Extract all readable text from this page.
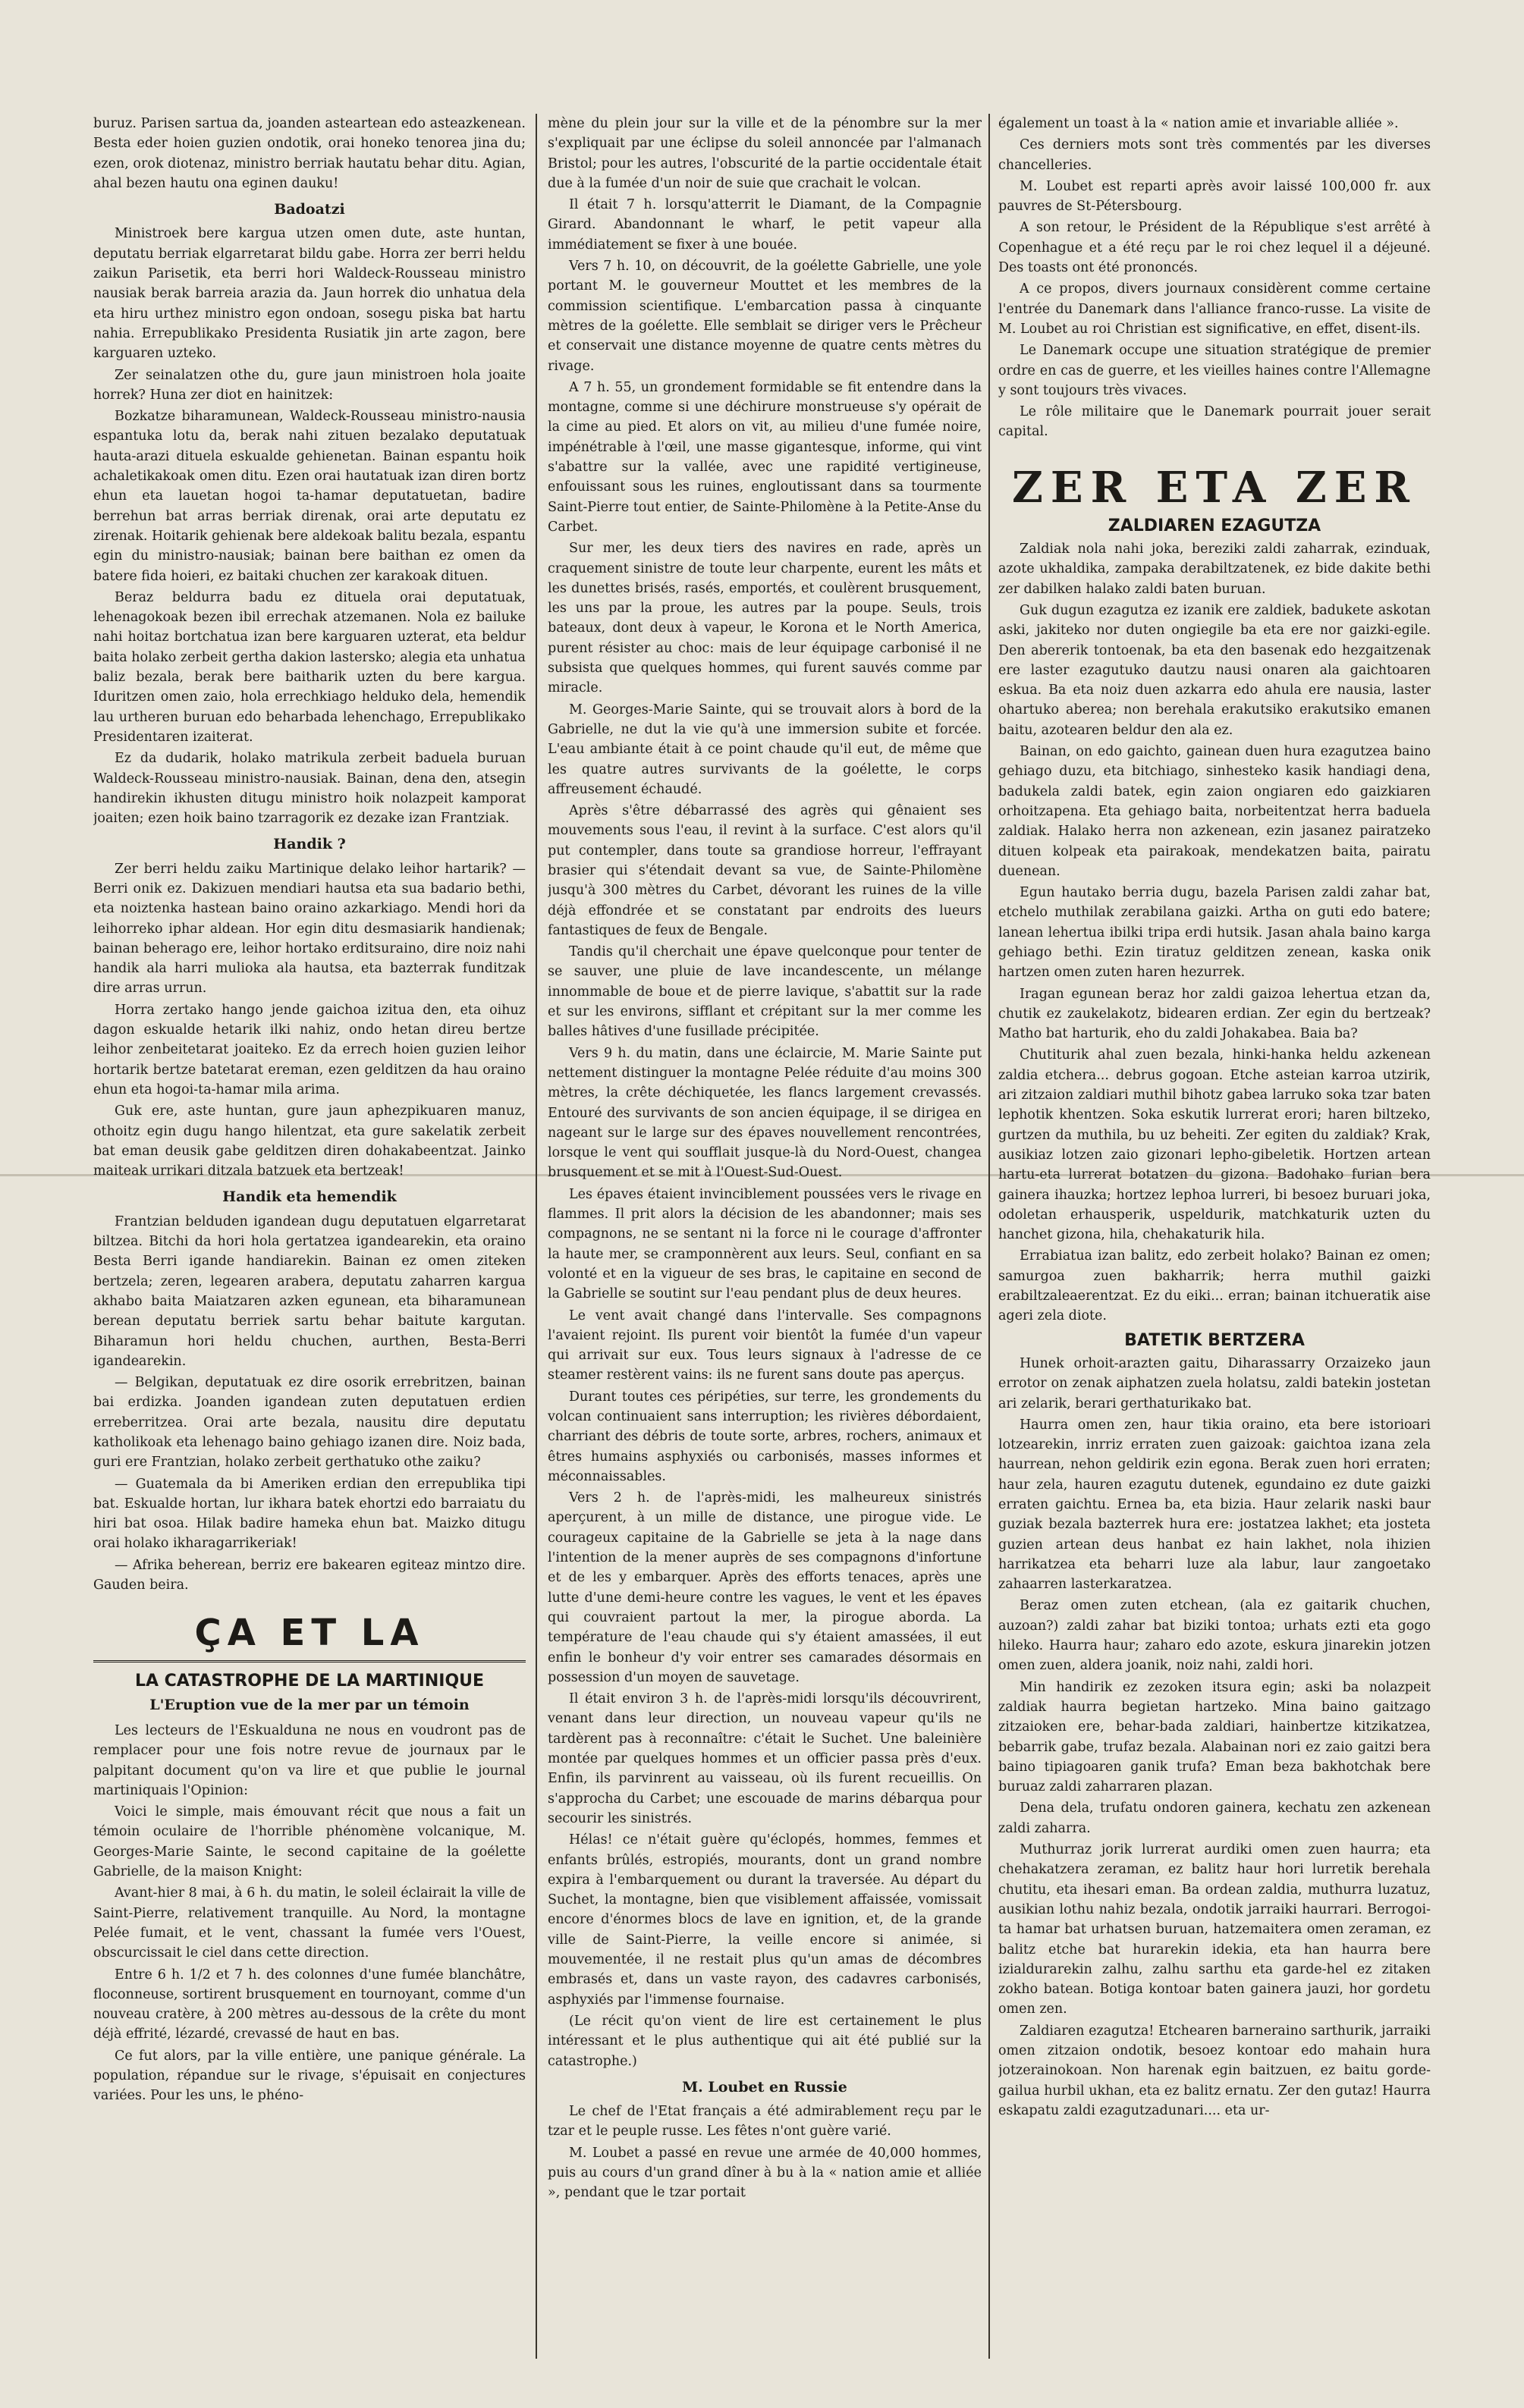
buruz. Parisen sartua da, joanden asteartean edo asteazkenean. Besta eder hoien guzien ondotik, orai honeko tenorea jina du; ezen, orok diotenaz, ministro berriak hautatu behar ditu. Agian, ahal bezen hautu ona eginen dauku!

Badoatzi

Ministroek bere kargua utzen omen dute, aste huntan, deputatu berriak elgarretarat bildu gabe. Horra zer berri heldu zaikun Parisetik, eta berri hori Waldeck-Rousseau ministro nausiak berak barreia arazia da. Jaun horrek dio unhatua dela eta hiru urthez ministro egon ondoan, sosegu piska bat hartu nahia. Errepublikako Presidenta Rusiatik jin arte zagon, bere karguaren uzteko.

Zer seinalatzen othe du, gure jaun ministroen hola joaite horrek? Huna zer diot en hainitzek:

Bozkatze biharamunean, Waldeck-Rousseau ministro-nausia espantuka lotu da, berak nahi zituen bezalako deputatuak hauta-arazi dituela eskualde gehienetan. Bainan espantu hoik achaletikakoak omen ditu. Ezen orai hautatuak izan diren bortz ehun eta lauetan hogoi ta-hamar deputatuetan, badire berrehun bat arras berriak direnak, orai arte deputatu ez zirenak. Hoitarik gehienak bere aldekoak balitu bezala, espantu egin du ministro-nausiak; bainan bere baithan ez omen da batere fida hoieri, ez baitaki chuchen zer karakoak dituen.

Beraz beldurra badu ez dituela orai deputatuak, lehenagokoak bezen ibil errechak atzemanen. Nola ez bailuke nahi hoitaz bortchatua izan bere karguaren uzterat, eta beldur baita holako zerbeit gertha dakion lastersko; alegia eta unhatua baliz bezala, berak bere baitharik uzten du bere kargua. Iduritzen omen zaio, hola errechkiago helduko dela, hemendik lau urtheren buruan edo beharbada lehenchago, Errepublikako Presidentaren izaiterat.

Ez da dudarik, holako matrikula zerbeit baduela buruan Waldeck-Rousseau ministro-nausiak. Bainan, dena den, atsegin handirekin ikhusten ditugu ministro hoik nolazpeit kamporat joaiten; ezen hoik baino tzarragorik ez dezake izan Frantziak.

Handik ?

Zer berri heldu zaiku Martinique delako leihor hartarik? — Berri onik ez. Dakizuen mendiari hautsa eta sua badario bethi, eta noiztenka hastean baino oraino azkarkiago. Mendi hori da leihorreko iphar aldean. Hor egin ditu desmasiarik handienak; bainan beherago ere, leihor hortako erditsuraino, dire noiz nahi handik ala harri mulioka ala hautsa, eta bazterrak funditzak dire arras urrun.

Horra zertako hango jende gaichoa izitua den, eta oihuz dagon eskualde hetarik ilki nahiz, ondo hetan direu bertze leihor zenbeitetarat joaiteko. Ez da errech hoien guzien leihor hortarik bertze batetarat ereman, ezen gelditzen da hau oraino ehun eta hogoi-ta-hamar mila arima.

Guk ere, aste huntan, gure jaun aphezpikuaren manuz, othoitz egin dugu hango hilentzat, eta gure sakelatik zerbeit bat eman deusik gabe gelditzen diren dohakabeentzat. Jainko maiteak urrikari ditzala batzuek eta bertzeak!

Handik eta hemendik

Frantzian belduden igandean dugu deputatuen elgarretarat biltzea. Bitchi da hori hola gertatzea igandearekin, eta oraino Besta Berri igande handiarekin. Bainan ez omen ziteken bertzela; zeren, legearen arabera, deputatu zaharren kargua akhabo baita Maiatzaren azken egunean, eta biharamunean berean deputatu berriek sartu behar baitute kargutan. Biharamun hori heldu chuchen, aurthen, Besta-Berri igandearekin.

— Belgikan, deputatuak ez dire osorik errebritzen, bainan bai erdizka. Joanden igandean zuten deputatuen erdien erreberritzea. Orai arte bezala, nausitu dire deputatu katholikoak eta lehenago baino gehiago izanen dire. Noiz bada, guri ere Frantzian, holako zerbeit gerthatuko othe zaiku?

— Guatemala da bi Ameriken erdian den errepublika tipi bat. Eskualde hortan, lur ikhara batek ehortzi edo barraiatu du hiri bat osoa. Hilak badire hameka ehun bat. Maizko ditugu orai holako ikharagarrikeriak!

— Afrika beherean, berriz ere bakearen egiteaz mintzo dire. Gauden beira.

ÇA ET LA
LA CATASTROPHE DE LA MARTINIQUE
L'Eruption vue de la mer par un témoin

Les lecteurs de l'Eskualduna ne nous en voudront pas de remplacer pour une fois notre revue de journaux par le palpitant document qu'on va lire et que publie le journal martiniquais l'Opinion:

Voici le simple, mais émouvant récit que nous a fait un témoin oculaire de l'horrible phénomène volcanique, M. Georges-Marie Sainte, le second capitaine de la goélette Gabrielle, de la maison Knight:

Avant-hier 8 mai, à 6 h. du matin, le soleil éclairait la ville de Saint-Pierre, relativement tranquille. Au Nord, la montagne Pelée fumait, et le vent, chassant la fumée vers l'Ouest, obscurcissait le ciel dans cette direction.

Entre 6 h. 1/2 et 7 h. des colonnes d'une fumée blanchâtre, floconneuse, sortirent brusquement en tournoyant, comme d'un nouveau cratère, à 200 mètres au-dessous de la crête du mont déjà effrité, lézardé, crevassé de haut en bas.

Ce fut alors, par la ville entière, une panique générale. La population, répandue sur le rivage, s'épuisait en conjectures variées. Pour les uns, le phéno-

mène du plein jour sur la ville et de la pénombre sur la mer s'expliquait par une éclipse du soleil annoncée par l'almanach Bristol; pour les autres, l'obscurité de la partie occidentale était due à la fumée d'un noir de suie que crachait le volcan.

Il était 7 h. lorsqu'atterrit le Diamant, de la Compagnie Girard. Abandonnant le wharf, le petit vapeur alla immédiatement se fixer à une bouée.

Vers 7 h. 10, on découvrit, de la goélette Gabrielle, une yole portant M. le gouverneur Mouttet et les membres de la commission scientifique. L'embarcation passa à cinquante mètres de la goélette. Elle semblait se diriger vers le Prêcheur et conservait une distance moyenne de quatre cents mètres du rivage.

A 7 h. 55, un grondement formidable se fit entendre dans la montagne, comme si une déchirure monstrueuse s'y opérait de la cime au pied. Et alors on vit, au milieu d'une fumée noire, impénétrable à l'œil, une masse gigantesque, informe, qui vint s'abattre sur la vallée, avec une rapidité vertigineuse, enfouissant sous les ruines, engloutissant dans sa tourmente Saint-Pierre tout entier, de Sainte-Philomène à la Petite-Anse du Carbet.

Sur mer, les deux tiers des navires en rade, après un craquement sinistre de toute leur charpente, eurent les mâts et les dunettes brisés, rasés, emportés, et coulèrent brusquement, les uns par la proue, les autres par la poupe. Seuls, trois bateaux, dont deux à vapeur, le Korona et le North America, purent résister au choc: mais de leur équipage carbonisé il ne subsista que quelques hommes, qui furent sauvés comme par miracle.

M. Georges-Marie Sainte, qui se trouvait alors à bord de la Gabrielle, ne dut la vie qu'à une immersion subite et forcée. L'eau ambiante était à ce point chaude qu'il eut, de même que les quatre autres survivants de la goélette, le corps affreusement échaudé.

Après s'être débarrassé des agrès qui gênaient ses mouvements sous l'eau, il revint à la surface. C'est alors qu'il put contempler, dans toute sa grandiose horreur, l'effrayant brasier qui s'étendait devant sa vue, de Sainte-Philomène jusqu'à 300 mètres du Carbet, dévorant les ruines de la ville déjà effondrée et se constatant par endroits des lueurs fantastiques de feux de Bengale.

Tandis qu'il cherchait une épave quelconque pour tenter de se sauver, une pluie de lave incandescente, un mélange innommable de boue et de pierre lavique, s'abattit sur la rade et sur les environs, sifflant et crépitant sur la mer comme les balles hâtives d'une fusillade précipitée.

Vers 9 h. du matin, dans une éclaircie, M. Marie Sainte put nettement distinguer la montagne Pelée réduite d'au moins 300 mètres, la crête déchiquetée, les flancs largement crevassés. Entouré des survivants de son ancien équipage, il se dirigea en nageant sur le large sur des épaves nouvellement rencontrées, lorsque le vent qui soufflait jusque-là du Nord-Ouest, changea brusquement et se mit à l'Ouest-Sud-Ouest.

Les épaves étaient invinciblement poussées vers le rivage en flammes. Il prit alors la décision de les abandonner; mais ses compagnons, ne se sentant ni la force ni le courage d'affronter la haute mer, se cramponnèrent aux leurs. Seul, confiant en sa volonté et en la vigueur de ses bras, le capitaine en second de la Gabrielle se soutint sur l'eau pendant plus de deux heures.

Le vent avait changé dans l'intervalle. Ses compagnons l'avaient rejoint. Ils purent voir bientôt la fumée d'un vapeur qui arrivait sur eux. Tous leurs signaux à l'adresse de ce steamer restèrent vains: ils ne furent sans doute pas aperçus.

Durant toutes ces péripéties, sur terre, les grondements du volcan continuaient sans interruption; les rivières débordaient, charriant des débris de toute sorte, arbres, rochers, animaux et êtres humains asphyxiés ou carbonisés, masses informes et méconnaissables.

Vers 2 h. de l'après-midi, les malheureux sinistrés aperçurent, à un mille de distance, une pirogue vide. Le courageux capitaine de la Gabrielle se jeta à la nage dans l'intention de la mener auprès de ses compagnons d'infortune et de les y embarquer. Après des efforts tenaces, après une lutte d'une demi-heure contre les vagues, le vent et les épaves qui couvraient partout la mer, la pirogue aborda. La température de l'eau chaude qui s'y étaient amassées, il eut enfin le bonheur d'y voir entrer ses camarades désormais en possession d'un moyen de sauvetage.

Il était environ 3 h. de l'après-midi lorsqu'ils découvrirent, venant dans leur direction, un nouveau vapeur qu'ils ne tardèrent pas à reconnaître: c'était le Suchet. Une baleinière montée par quelques hommes et un officier passa près d'eux. Enfin, ils parvinrent au vaisseau, où ils furent recueillis. On s'approcha du Carbet; une escouade de marins débarqua pour secourir les sinistrés.

Hélas! ce n'était guère qu'éclopés, hommes, femmes et enfants brûlés, estropiés, mourants, dont un grand nombre expira à l'embarquement ou durant la traversée. Au départ du Suchet, la montagne, bien que visiblement affaissée, vomissait encore d'énormes blocs de lave en ignition, et, de la grande ville de Saint-Pierre, la veille encore si animée, si mouvementée, il ne restait plus qu'un amas de décombres embrasés et, dans un vaste rayon, des cadavres carbonisés, asphyxiés par l'immense fournaise.

(Le récit qu'on vient de lire est certainement le plus intéressant et le plus authentique qui ait été publié sur la catastrophe.)

M. Loubet en Russie

Le chef de l'Etat français a été admirablement reçu par le tzar et le peuple russe. Les fêtes n'ont guère varié.

M. Loubet a passé en revue une armée de 40,000 hommes, puis au cours d'un grand dîner à bu à la « nation amie et alliée », pendant que le tzar portait

également un toast à la « nation amie et invariable alliée ».

Ces derniers mots sont très commentés par les diverses chancelleries.

M. Loubet est reparti après avoir laissé 100,000 fr. aux pauvres de St-Pétersbourg.

A son retour, le Président de la République s'est arrêté à Copenhague et a été reçu par le roi chez lequel il a déjeuné. Des toasts ont été prononcés.

A ce propos, divers journaux considèrent comme certaine l'entrée du Danemark dans l'alliance franco-russe. La visite de M. Loubet au roi Christian est significative, en effet, disent-ils.

Le Danemark occupe une situation stratégique de premier ordre en cas de guerre, et les vieilles haines contre l'Allemagne y sont toujours très vivaces.

Le rôle militaire que le Danemark pourrait jouer serait capital.

ZER ETA ZER
ZALDIAREN EZAGUTZA

Zaldiak nola nahi joka, bereziki zaldi zaharrak, ezinduak, azote ukhaldika, zampaka derabiltzatenek, ez bide dakite bethi zer dabilken halako zaldi baten buruan.

Guk dugun ezagutza ez izanik ere zaldiek, badukete askotan aski, jakiteko nor duten ongiegile ba eta ere nor gaizki-egile. Den abererik tontoenak, ba eta den basenak edo hezgaitzenak ere laster ezagutuko dautzu nausi onaren ala gaichtoaren eskua. Ba eta noiz duen azkarra edo ahula ere nausia, laster ohartuko aberea; non berehala erakutsiko erakutsiko emanen baitu, azotearen beldur den ala ez.

Bainan, on edo gaichto, gainean duen hura ezagutzea baino gehiago duzu, eta bitchiago, sinhesteko kasik handiagi dena, badukela zaldi batek, egin zaion ongiaren edo gaizkiaren orhoitzapena. Eta gehiago baita, norbeitentzat herra baduela zaldiak. Halako herra non azkenean, ezin jasanez pairatzeko dituen kolpeak eta pairakoak, mendekatzen baita, pairatu duenean.

Egun hautako berria dugu, bazela Parisen zaldi zahar bat, etchelo muthilak zerabilana gaizki. Artha on guti edo batere; lanean lehertua ibilki tripa erdi hutsik. Jasan ahala baino karga gehiago bethi. Ezin tiratuz gelditzen zenean, kaska onik hartzen omen zuten haren hezurrek.

Iragan egunean beraz hor zaldi gaizoa lehertua etzan da, chutik ez zaukelakotz, bidearen erdian. Zer egin du bertzeak? Matho bat harturik, eho du zaldi Johakabea. Baia ba?

Chutiturik ahal zuen bezala, hinki-hanka heldu azkenean zaldia etchera... debrus gogoan. Etche asteian karroa utzirik, ari zitzaion zaldiari muthil bihotz gabea larruko soka tzar baten lephotik khentzen. Soka eskutik lurrerat erori; haren biltzeko, gurtzen da muthila, bu uz beheiti. Zer egiten du zaldiak? Krak, ausikiaz lotzen zaio gizonari lepho-gibeletik. Hortzen artean hartu-eta lurrerat botatzen du gizona. Badohako furian bera gainera ihauzka; hortzez lephoa lurreri, bi besoez buruari joka, odoletan erhausperik, uspeldurik, matchkaturik uzten du hanchet gizona, hila, chehakaturik hila.

Errabiatua izan balitz, edo zerbeit holako? Bainan ez omen; samurgoa zuen bakharrik; herra muthil gaizki erabiltzaleaerentzat. Ez du eiki... erran; bainan itchueratik aise ageri zela diote.

BATETIK BERTZERA

Hunek orhoit-arazten gaitu, Diharassarry Orzaizeko jaun errotor on zenak aiphatzen zuela holatsu, zaldi batekin jostetan ari zelarik, berari gerthaturikako bat.

Haurra omen zen, haur tikia oraino, eta bere istorioari lotzearekin, inrriz erraten zuen gaizoak: gaichtoa izana zela haurrean, nehon geldirik ezin egona. Berak zuen hori erraten; haur zela, hauren ezagutu dutenek, egundaino ez dute gaizki erraten gaichtu. Ernea ba, eta bizia. Haur zelarik naski baur guziak bezala bazterrek hura ere: jostatzea lakhet; eta josteta guzien artean deus hanbat ez hain lakhet, nola ihizien harrikatzea eta beharri luze ala labur, laur zangoetako zahaarren lasterkaratzea.

Beraz omen zuten etchean, (ala ez gaitarik chuchen, auzoan?) zaldi zahar bat biziki tontoa; urhats ezti eta gogo hileko. Haurra haur; zaharo edo azote, eskura jinarekin jotzen omen zuen, aldera joanik, noiz nahi, zaldi hori.

Min handirik ez zezoken itsura egin; aski ba nolazpeit zaldiak haurra begietan hartzeko. Mina baino gaitzago zitzaioken ere, behar-bada zaldiari, hainbertze kitzikatzea, bebarrik gabe, trufaz bezala. Alabainan nori ez zaio gaitzi bera baino tipiagoaren ganik trufa? Eman beza bakhotchak bere buruaz zaldi zaharraren plazan.

Dena dela, trufatu ondoren gainera, kechatu zen azkenean zaldi zaharra.

Muthurraz jorik lurrerat aurdiki omen zuen haurra; eta chehakatzera zeraman, ez balitz haur hori lurretik berehala chutitu, eta ihesari eman. Ba ordean zaldia, muthurra luzatuz, ausikian lothu nahiz bezala, ondotik jarraiki haurrari. Berrogoi-ta hamar bat urhatsen buruan, hatzemaitera omen zeraman, ez balitz etche bat hurarekin idekia, eta han haurra bere izialdurarekin zalhu, zalhu sarthu eta garde-hel ez zitaken zokho batean. Botiga kontoar baten gainera jauzi, hor gordetu omen zen.

Zaldiaren ezagutza! Etchearen barneraino sarthurik, jarraiki omen zitzaion ondotik, besoez kontoar edo mahain hura jotzerainokoan. Non harenak egin baitzuen, ez baitu gorde-gailua hurbil ukhan, eta ez balitz ernatu. Zer den gutaz! Haurra eskapatu zaldi ezagutzadunari.... eta ur-
